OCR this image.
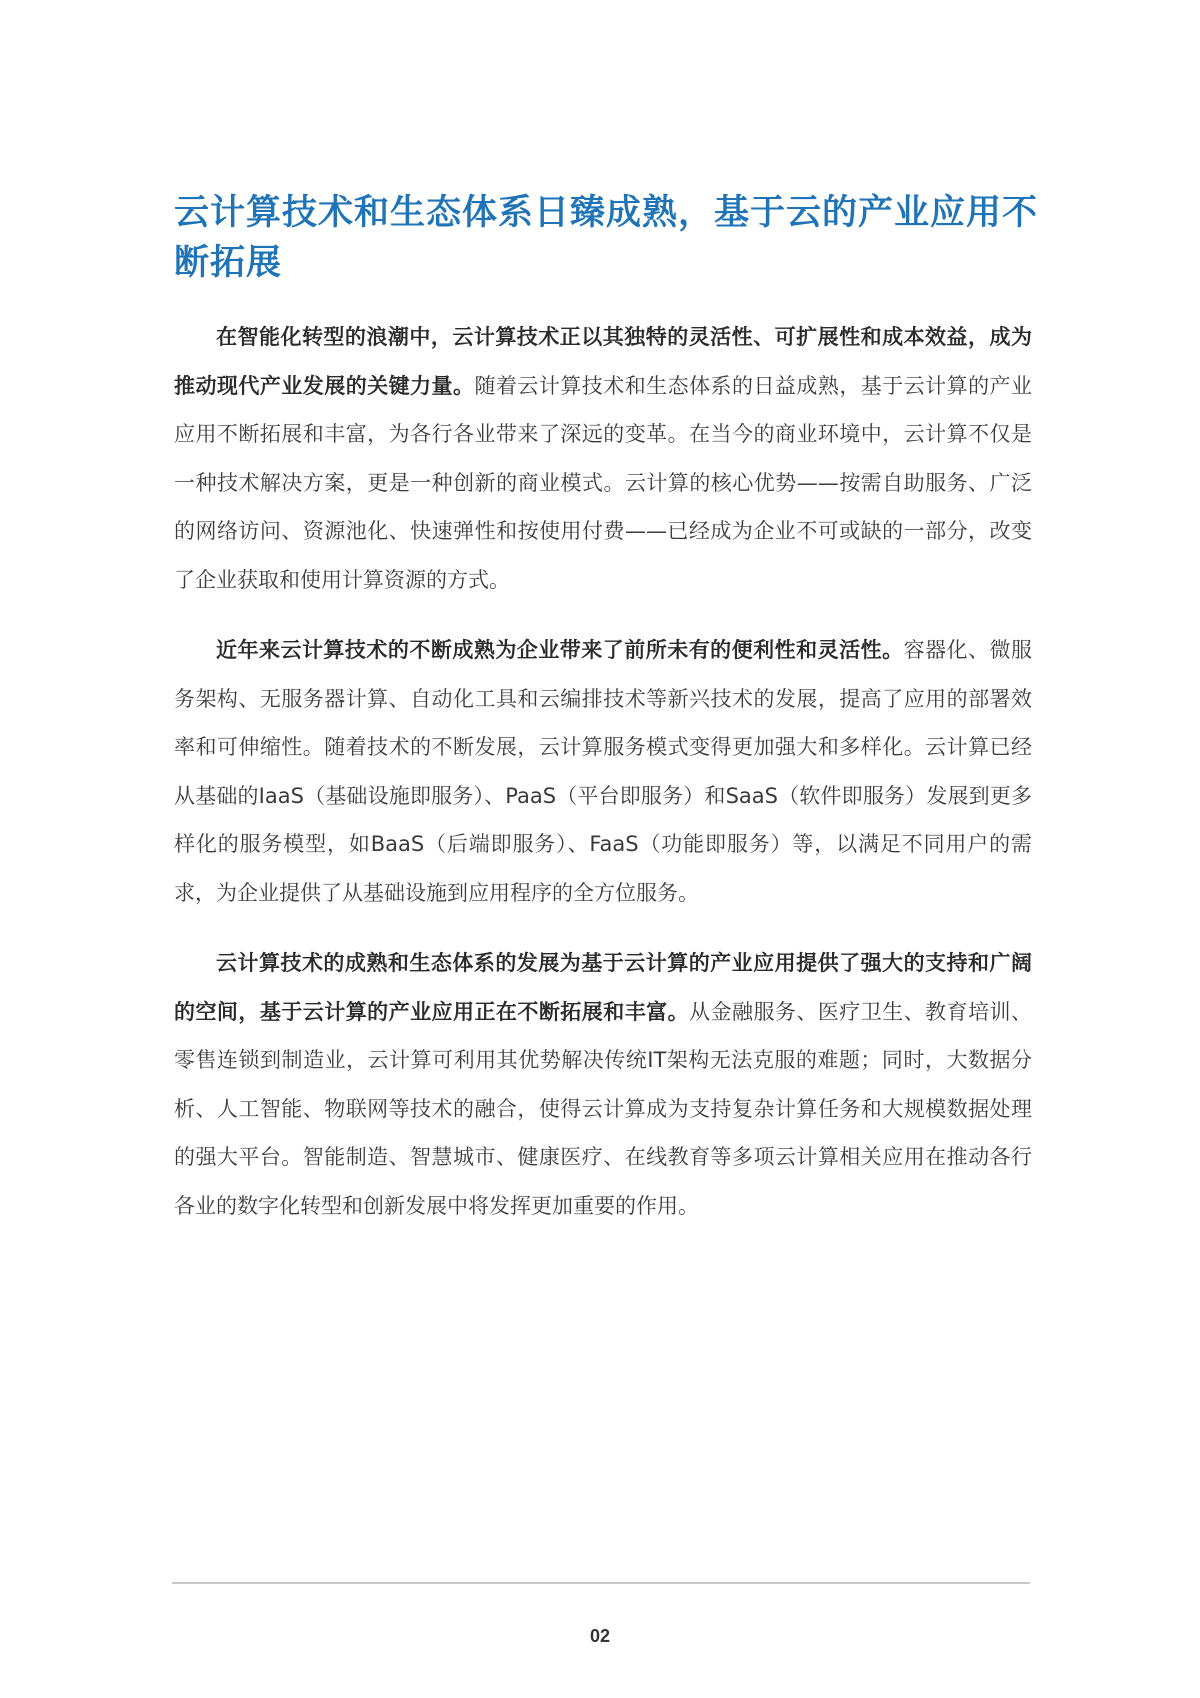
云计算技术和生态体系日臻成熟，基于云的产业应用不断拓展

在智能化转型的浪潮中，云计算技术正以其独特的灵活性、可扩展性和成本效益，成为推动现代产业发展的关键力量。随着云计算技术和生态体系的日益成熟，基于云计算的产业应用不断拓展和丰富，为各行各业带来了深远的变革。在当今的商业环境中，云计算不仅是一种技术解决方案，更是一种创新的商业模式。云计算的核心优势——按需自助服务、广泛的网络访问、资源池化、快速弹性和按使用付费——已经成为企业不可或缺的一部分，改变了企业获取和使用计算资源的方式。

近年来云计算技术的不断成熟为企业带来了前所未有的便利性和灵活性。容器化、微服务架构、无服务器计算、自动化工具和云编排技术等新兴技术的发展，提高了应用的部署效率和可伸缩性。随着技术的不断发展，云计算服务模式变得更加强大和多样化。云计算已经从基础的IaaS（基础设施即服务）、PaaS（平台即服务）和SaaS（软件即服务）发展到更多样化的服务模型，如BaaS（后端即服务）、FaaS（功能即服务）等，以满足不同用户的需求，为企业提供了从基础设施到应用程序的全方位服务。

云计算技术的成熟和生态体系的发展为基于云计算的产业应用提供了强大的支持和广阔的空间，基于云计算的产业应用正在不断拓展和丰富。从金融服务、医疗卫生、教育培训、零售连锁到制造业，云计算可利用其优势解决传统IT架构无法克服的难题；同时，大数据分析、人工智能、物联网等技术的融合，使得云计算成为支持复杂计算任务和大规模数据处理的强大平台。智能制造、智慧城市、健康医疗、在线教育等多项云计算相关应用在推动各行各业的数字化转型和创新发展中将发挥更加重要的作用。

02
